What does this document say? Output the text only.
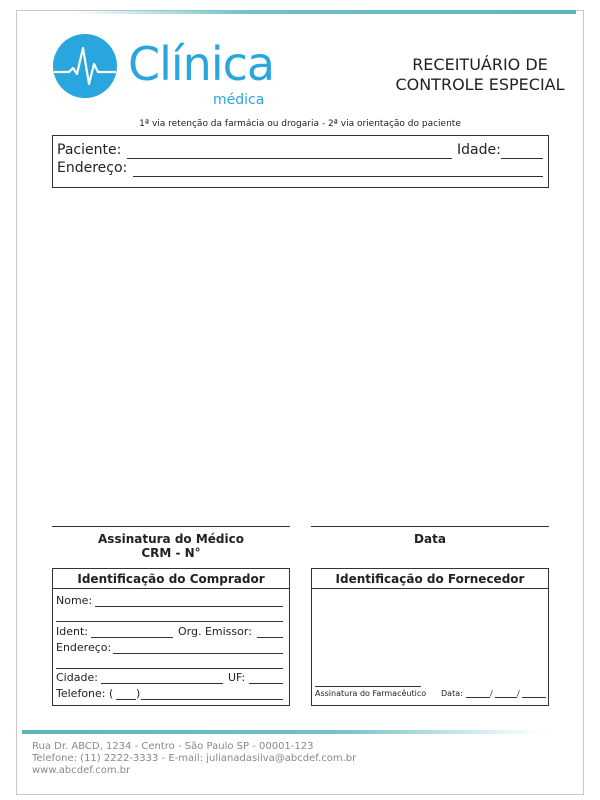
Clínica
médica
RECEITUÁRIO DE
CONTROLE ESPECIAL
1ª via retenção da farmácia ou drogaria - 2ª via orientação do paciente
Paciente:	Idade:
Endereço:
Assinatura do Médico
CRM - N°
Data
Identificação do Comprador
Nome:
Ident:	Org. Emissor:
Endereço:
Cidade:	UF:
Telefone: ( )
Identificação do Fornecedor
Assinatura do Farmacêutico Data:	/	/
Rua Dr. ABCD, 1234 - Centro - São Paulo SP - 00001-123
Telefone: (11) 2222-3333 - E-mail: julianadasilva@abcdef.com.br
www.abcdef.com.br
